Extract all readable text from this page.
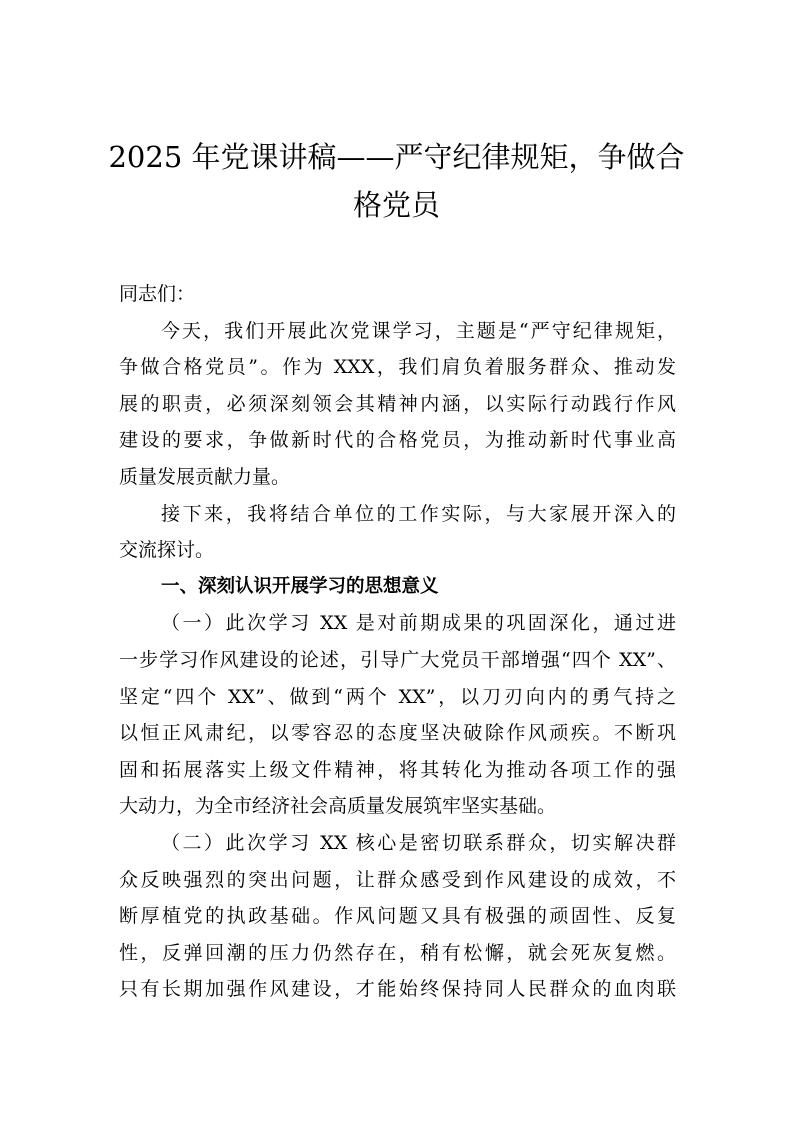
2025 年党课讲稿——严守纪律规矩，争做合
格党员
同志们：
今天，我们开展此次党课学习，主题是“严守纪律规矩，
争做合格党员”。作为 XXX，我们肩负着服务群众、推动发
展的职责，必须深刻领会其精神内涵，以实际行动践行作风
建设的要求，争做新时代的合格党员，为推动新时代事业高
质量发展贡献力量。
接下来，我将结合单位的工作实际，与大家展开深入的
交流探讨。
一、深刻认识开展学习的思想意义
（一）此次学习 XX 是对前期成果的巩固深化，通过进
一步学习作风建设的论述，引导广大党员干部增强“四个 XX”、
坚定“四个 XX”、做到“两个 XX”，以刀刃向内的勇气持之
以恒正风肃纪，以零容忍的态度坚决破除作风顽疾。不断巩
固和拓展落实上级文件精神，将其转化为推动各项工作的强
大动力，为全市经济社会高质量发展筑牢坚实基础。
（二）此次学习 XX 核心是密切联系群众，切实解决群
众反映强烈的突出问题，让群众感受到作风建设的成效，不
断厚植党的执政基础。作风问题又具有极强的顽固性、反复
性，反弹回潮的压力仍然存在，稍有松懈，就会死灰复燃。
只有长期加强作风建设，才能始终保持同人民群众的血肉联
